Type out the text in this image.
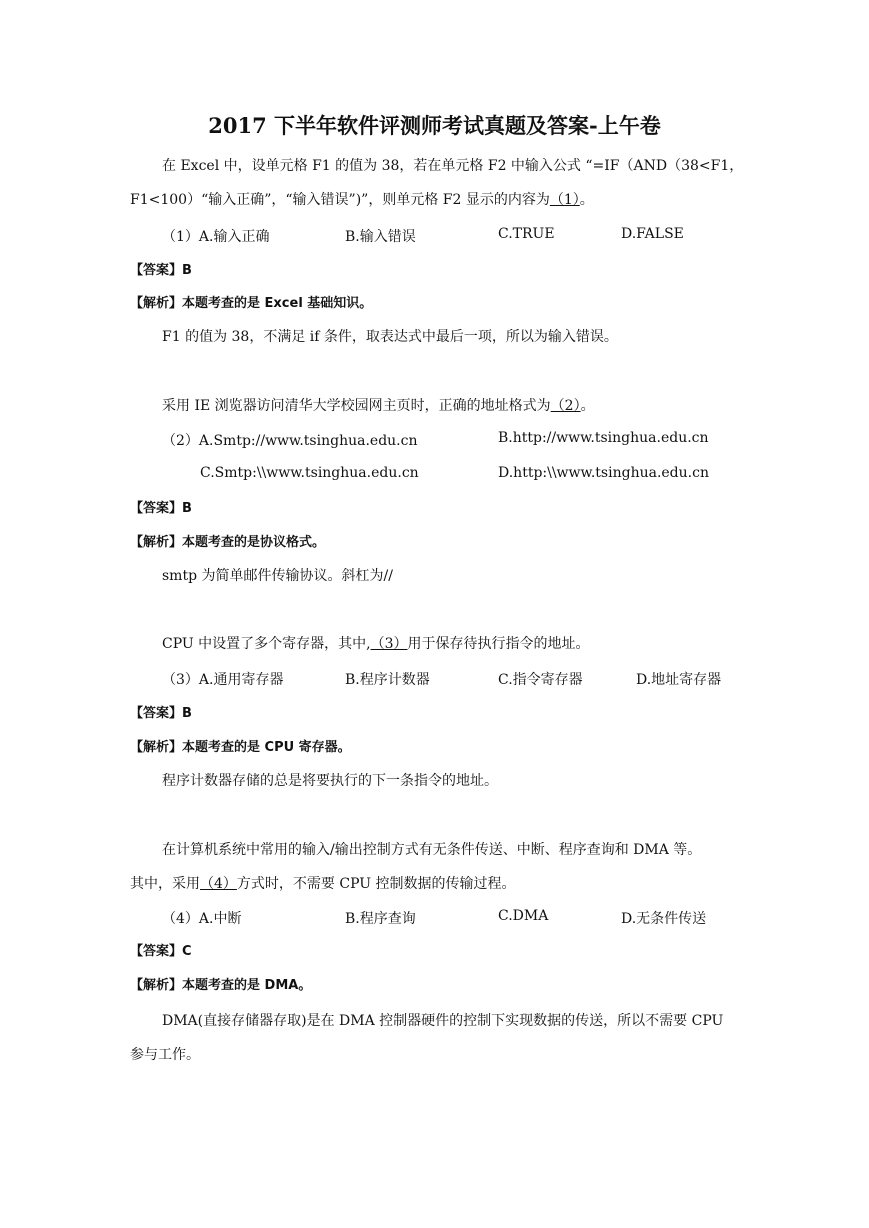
2017 下半年软件评测师考试真题及答案-上午卷
在 Excel 中，设单元格 F1 的值为 38，若在单元格 F2 中输入公式 “=IF（AND（38<F1，
F1<100）“输入正确”，“输入错误”)”，则单元格 F2 显示的内容为（1）。
（1）A.输入正确	B.输入错误	C.TRUE	D.FALSE
【答案】B
【解析】本题考查的是 Excel 基础知识。
F1 的值为 38，不满足 if 条件，取表达式中最后一项，所以为输入错误。
采用 IE 浏览器访问清华大学校园网主页时，正确的地址格式为（2）。
（2）A.Smtp://www.tsinghua.edu.cn	B.http://www.tsinghua.edu.cn
C.Smtp:\\www.tsinghua.edu.cn	D.http:\\www.tsinghua.edu.cn
【答案】B
【解析】本题考查的是协议格式。
smtp 为简单邮件传输协议。斜杠为//
CPU 中设置了多个寄存器，其中,（3）用于保存待执行指令的地址。
（3）A.通用寄存器	B.程序计数器	C.指令寄存器	D.地址寄存器
【答案】B
【解析】本题考查的是 CPU 寄存器。
程序计数器存储的总是将要执行的下一条指令的地址。
在计算机系统中常用的输入/输出控制方式有无条件传送、中断、程序查询和 DMA 等。
其中，采用（4）方式时，不需要 CPU 控制数据的传输过程。
（4）A.中断	B.程序查询	C.DMA	D.无条件传送
【答案】C
【解析】本题考查的是 DMA。
DMA(直接存储器存取)是在 DMA 控制器硬件的控制下实现数据的传送，所以不需要 CPU
参与工作。
